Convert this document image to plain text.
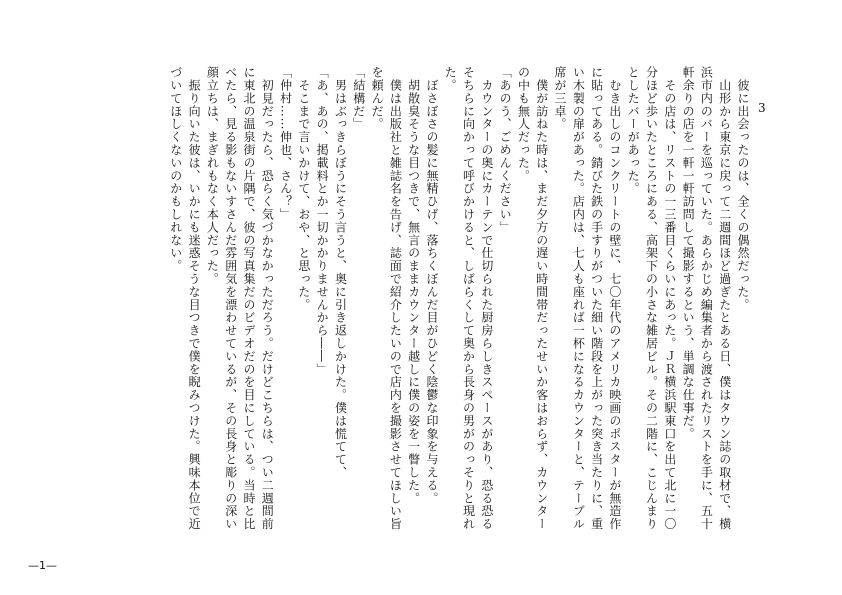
3

　彼に出会ったのは、全くの偶然だった。

　山形から東京に戻って二週間ほど過ぎたとある日、僕はタウン誌の取材で、横浜市内のバーを巡っていた。あらかじめ編集者から渡されたリストを手に、五十軒余りの店を一軒一軒訪問して撮影するという、単調な仕事だ。

　その店は、リストの一三番目くらいにあった。ＪＲ横浜駅東口を出て北に一〇分ほど歩いたところにある、高架下の小さな雑居ビル。その二階に、こじんまりとしたバーがあった。

　むき出しのコンクリートの壁に、七〇年代のアメリカ映画のポスターが無造作に貼ってある。錆びた鉄の手すりがついた細い階段を上がった突き当たりに、重い木製の扉があった。店内は、七人も座れば一杯になるカウンターと、テーブル席が三卓。

　僕が訪ねた時は、まだ夕方の遅い時間帯だったせいか客はおらず、カウンターの中も無人だった。

「あのう、ごめんください」

　カウンターの奥にカーテンで仕切られた厨房らしきスペースがあり、恐る恐るそちらに向かって呼びかけると、しばらくして奥から長身の男がのっそりと現れた。

　ぼさぼさの髪に無精ひげ、落ちくぼんだ目がひどく陰鬱な印象を与える。

　胡散臭そうな目つきで、無言のままカウンター越しに僕の姿を一瞥した。

　僕は出版社と雑誌名を告げ、誌面で紹介したいので店内を撮影させてほしい旨を頼んだ。

「結構だ」

　男はぶっきらぼうにそう言うと、奥に引き返しかけた。僕は慌てて、

「あ、あの、掲載料とか一切かかりませんから――」

　そこまで言いかけて、おや、と思った。

「仲村……伸也、さん？」

　初見だったら、恐らく気づかなかっただろう。だけどこちらは、つい二週間前に東北の温泉街の片隅で、彼の写真集だのビデオだのを目にしている。当時と比べたら、見る影もないすさんだ雰囲気を漂わせているが、その長身と彫りの深い顔立ちは、まぎれもなく本人だった。

　振り向いた彼は、いかにも迷惑そうな目つきで僕を睨みつけた。興味本位で近づいてほしくないのかもしれない。

—1—
